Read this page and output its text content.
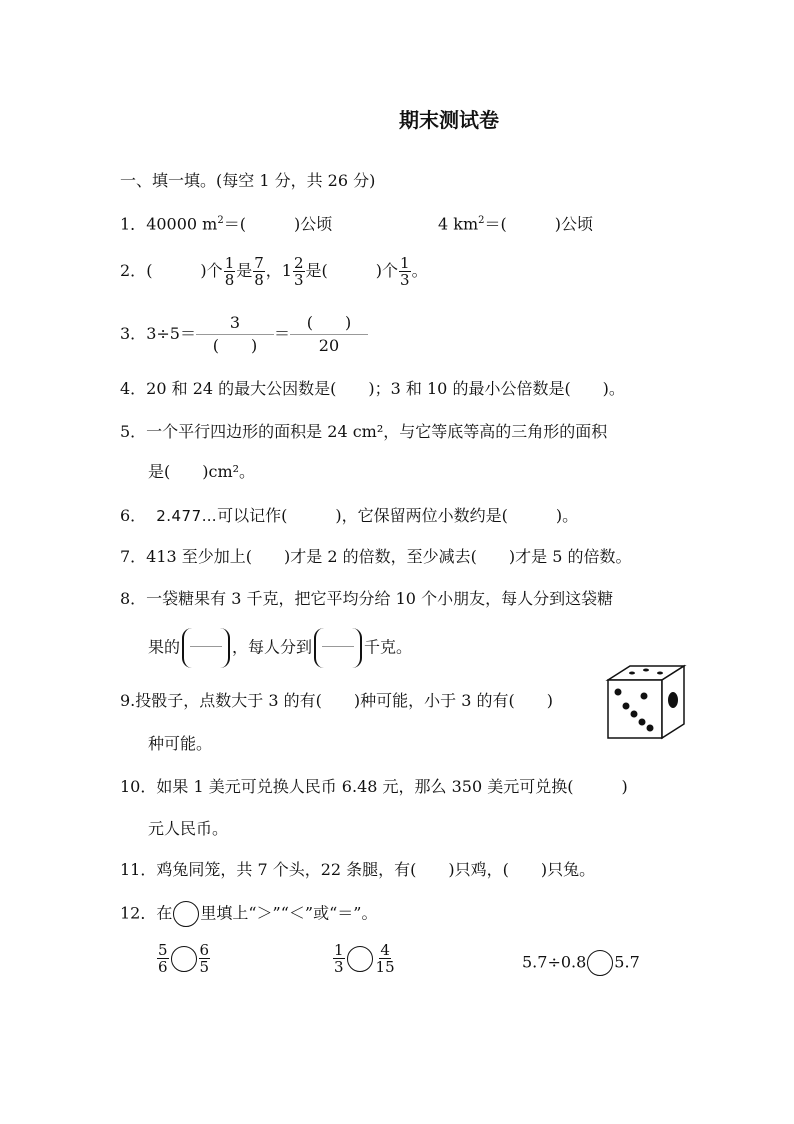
期末测试卷
一、填一填。(每空 1 分，共 26 分)
1．40000 $m^2=$(　　　)公顷	4 $km^2=$(　　　)公顷
2．(　　　)个 $\frac{1}{8}$ 是 $\frac{7}{8}$ ，$1 \frac{2}{3}$ 是(　　　)个 $\frac{1}{3}$ 。
3．$3\div 5= \frac{3}{( )} = \frac{( )}{20}$
4．20 和 24 的最大公因数是(　　)；3 和 10 的最小公倍数是(　　)。
5．一个平行四边形的面积是 24 cm²，与它等底等高的三角形的面积
是(　　)cm²。
6． 2.477…可以记作(　　　)，它保留两位小数约是(　　　)。
7．413 至少加上(　　)才是 2 的倍数，至少减去(　　)才是 5 的倍数。
8．一袋糖果有 3 千克，把它平均分给 10 个小朋友，每人分到这袋糖
果的	，每人分到	千克。
9.投骰子，点数大于 3 的有(　　)种可能，小于 3 的有(　　)
种可能。
10．如果 1 美元可兑换人民币 6.48 元，那么 350 美元可兑换(　　　)
元人民币。
11．鸡兔同笼，共 7 个头，22 条腿，有(　　)只鸡，(　　)只兔。
12．在 里填上“＞”“＜”或“＝”。
$\frac{5}{6} \frac{6}{5}$	$\frac{1}{3} \frac{4}{15}$	5.7÷0.8 5.7
